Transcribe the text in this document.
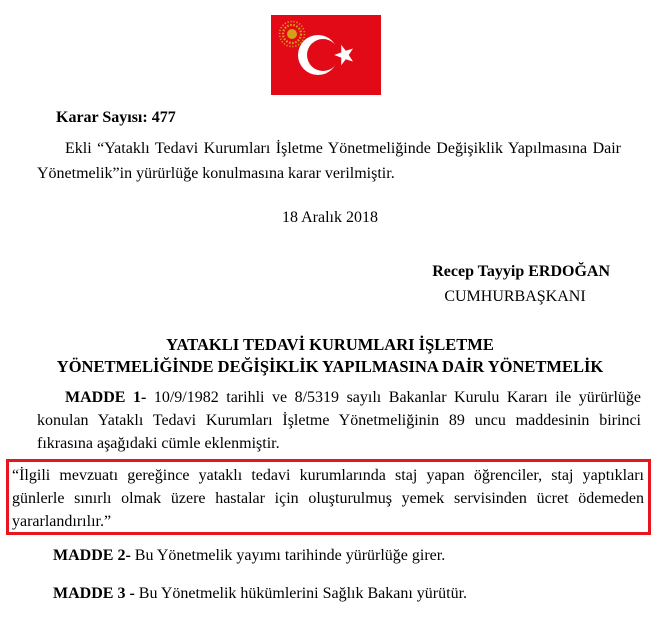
Karar Sayısı: 477
Ekli “Yataklı Tedavi Kurumları İşletme Yönetmeliğinde Değişiklik Yapılmasına Dair
Yönetmelik”in yürürlüğe konulmasına karar verilmiştir.
18 Aralık 2018
Recep Tayyip ERDOĞAN
CUMHURBAŞKANI
YATAKLI TEDAVİ KURUMLARI İŞLETME
YÖNETMELİĞİNDE DEĞİŞİKLİK YAPILMASINA DAİR YÖNETMELİK
MADDE 1- 10/9/1982 tarihli ve 8/5319 sayılı Bakanlar Kurulu Kararı ile yürürlüğe
konulan Yataklı Tedavi Kurumları İşletme Yönetmeliğinin 89 uncu maddesinin birinci
fıkrasına aşağıdaki cümle eklenmiştir.
“İlgili mevzuatı gereğince yataklı tedavi kurumlarında staj yapan öğrenciler, staj yaptıkları
günlerle sınırlı olmak üzere hastalar için oluşturulmuş yemek servisinden ücret ödemeden
yararlandırılır.”
MADDE 2- Bu Yönetmelik yayımı tarihinde yürürlüğe girer.
MADDE 3 - Bu Yönetmelik hükümlerini Sağlık Bakanı yürütür.
